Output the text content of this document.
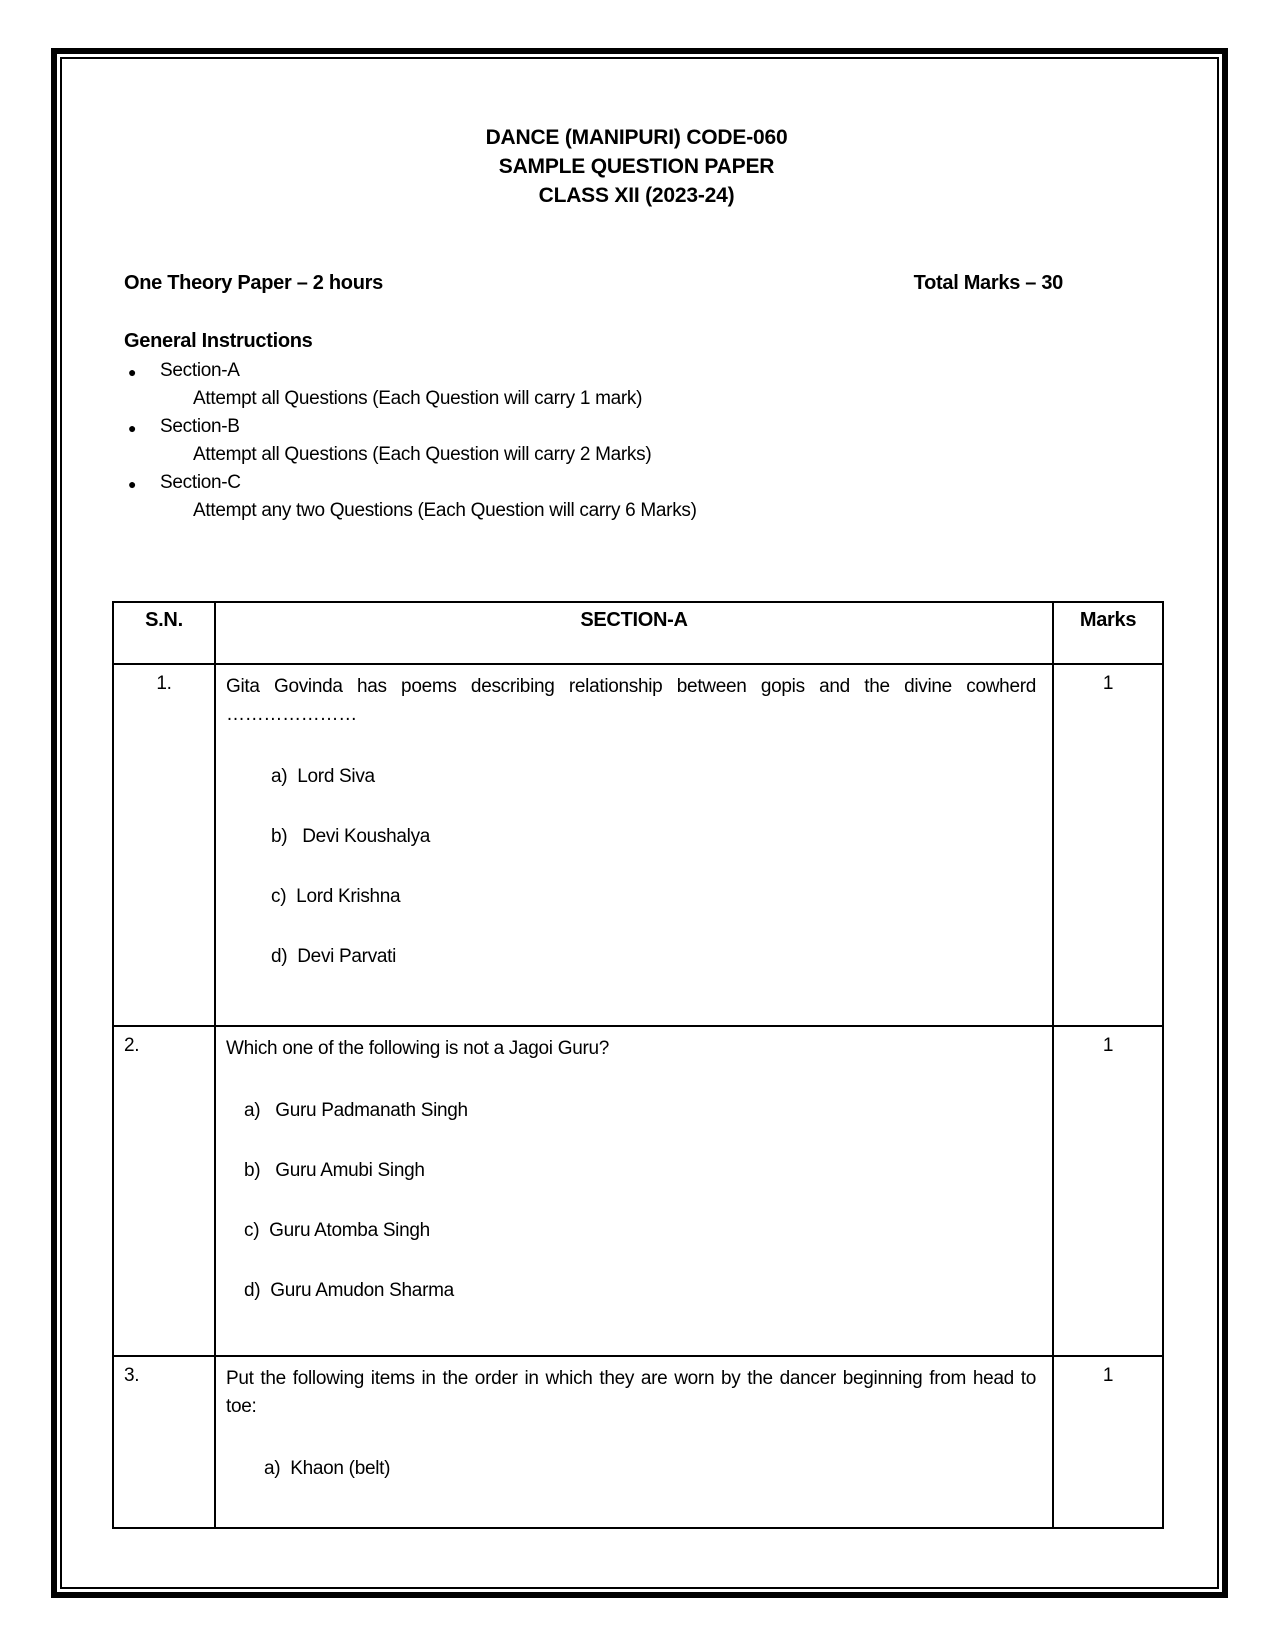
DANCE (MANIPURI) CODE-060
SAMPLE QUESTION PAPER
CLASS XII (2023-24)
One Theory Paper – 2 hours	Total Marks – 30
General Instructions
● Section-A
Attempt all Questions (Each Question will carry 1 mark)
● Section-B
Attempt all Questions (Each Question will carry 2 Marks)
● Section-C
Attempt any two Questions (Each Question will carry 6 Marks)
S.N.	SECTION-A	Marks
1.	Gita Govinda has poems describing relationship between gopis and the divine cowherd …………………
a)  Lord Siva
b)   Devi Koushalya
c)  Lord Krishna
d)  Devi Parvati	1
2.	Which one of the following is not a Jagoi Guru?
a)   Guru Padmanath Singh
b)   Guru Amubi Singh
c)  Guru Atomba Singh
d)  Guru Amudon Sharma	1
3.	Put the following items in the order in which they are worn by the dancer beginning from head to toe:
a)  Khaon (belt)	1
